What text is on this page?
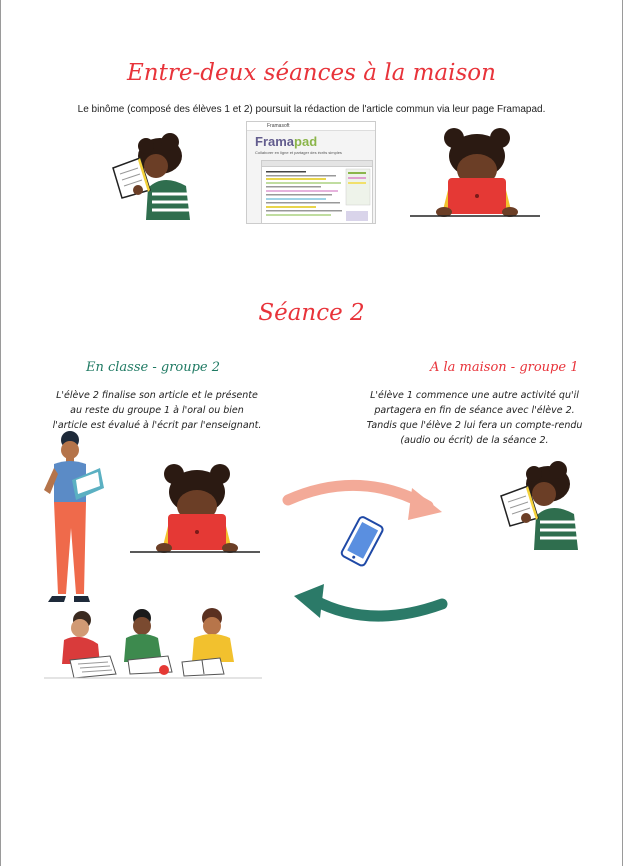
Entre-deux séances à la maison
Le binôme (composé des élèves 1 et 2) poursuit la rédaction de l'article commun via leur page Framapad.
Framasoft
Framapad
Collaborer en ligne et partager des écrits simples
Séance 2
En classe - groupe 2	A la maison - groupe 1
L'élève 2 finalise son article et le présente au reste du groupe 1 à l'oral ou bien l'article est évalué à l'écrit par l'enseignant.
L'élève 1 commence une autre activité qu'il partagera en fin de séance avec l'élève 2. Tandis que l'élève 2 lui fera un compte-rendu (audio ou écrit) de la séance 2.
